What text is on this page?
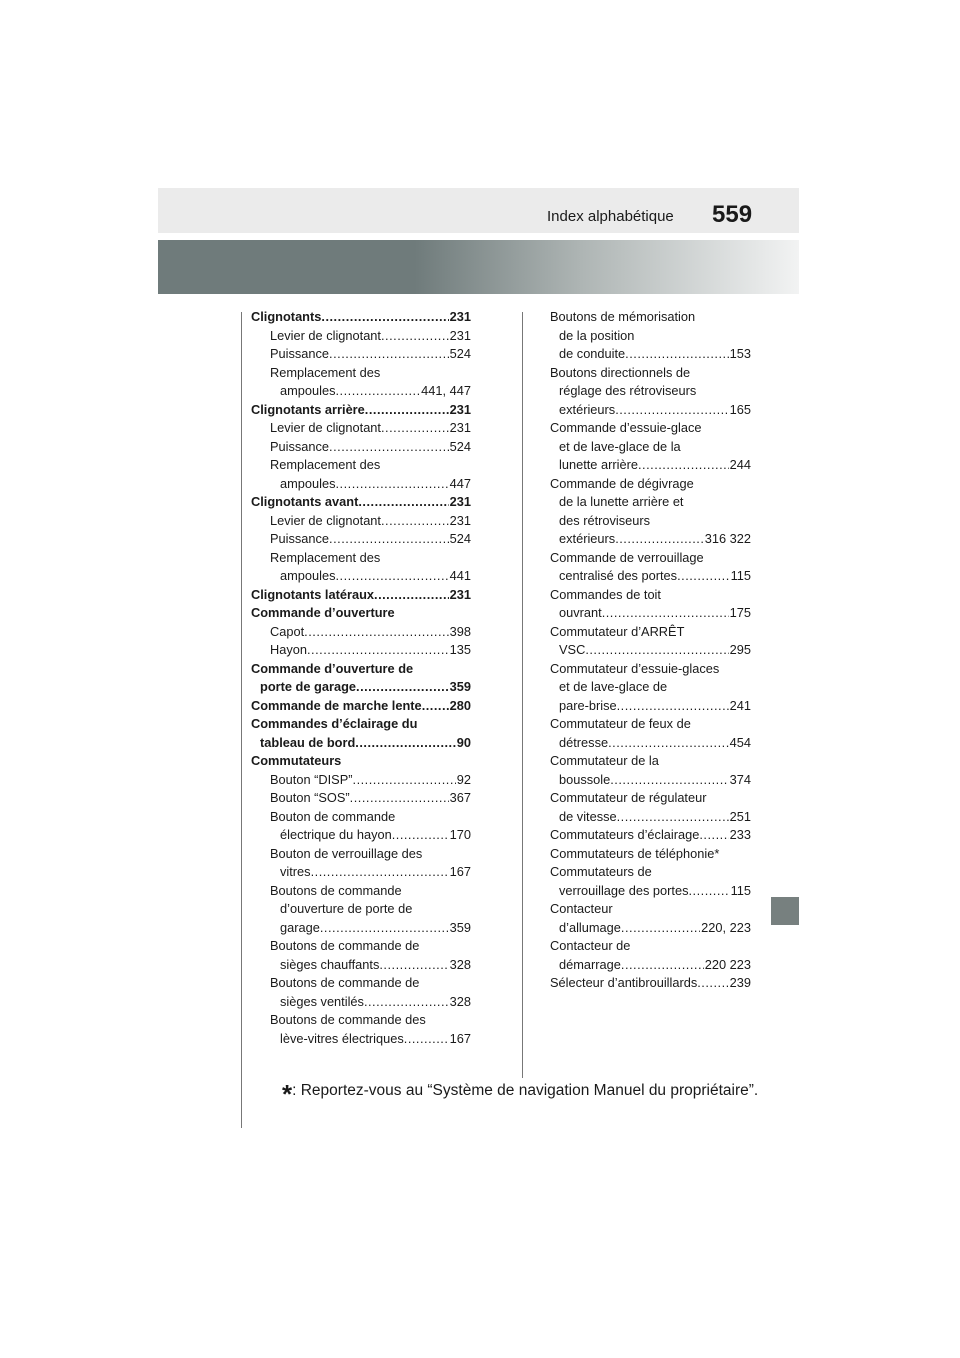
Index alphabétique 559
Clignotants .....	231
Levier de clignotant .....	231
Puissance .....	524
Remplacement des
ampoules .....	441, 447
Clignotants arrière .....	231
Levier de clignotant .....	231
Puissance .....	524
Remplacement des
ampoules .....	447
Clignotants avant .....	231
Levier de clignotant .....	231
Puissance .....	524
Remplacement des
ampoules .....	441
Clignotants latéraux .....	231
Commande d’ouverture
Capot .....	398
Hayon .....	135
Commande d’ouverture de
porte de garage .....	359
Commande de marche lente ..... 280
Commandes d’éclairage du
tableau de bord .....	90
Commutateurs
Bouton “DISP” .....	92
Bouton “SOS” .....	367
Bouton de commande
électrique du hayon .....	170
Bouton de verrouillage des
vitres .....	167
Boutons de commande
d’ouverture de porte de
garage .....	359
Boutons de commande de
sièges chauffants .....	328
Boutons de commande de
sièges ventilés .....	328
Boutons de commande des
lève-vitres électriques .....	167
Boutons de mémorisation
de la position
de conduite .....	153
Boutons directionnels de
réglage des rétroviseurs
extérieurs .....	165
Commande d’essuie-glace
et de lave-glace de la
lunette arrière .....	244
Commande de dégivrage
de la lunette arrière et
des rétroviseurs
extérieurs .....	316 322
Commande de verrouillage
centralisé des portes .....	115
Commandes de toit
ouvrant .....	175
Commutateur d’ARRÊT
VSC .....	295
Commutateur d’essuie-glaces
et de lave-glace de
pare-brise .....	241
Commutateur de feux de
détresse .....	454
Commutateur de la
boussole .....	374
Commutateur de régulateur
de vitesse .....	251
Commutateurs d’éclairage ..... 233
Commutateurs de téléphonie*
Commutateurs de
verrouillage des portes .....	115
Contacteur
d’allumage .....	220, 223
Contacteur de
démarrage .....	220 223
Sélecteur d’antibrouillards .....	239
*: Reportez-vous au “Système de navigation Manuel du propriétaire”.
